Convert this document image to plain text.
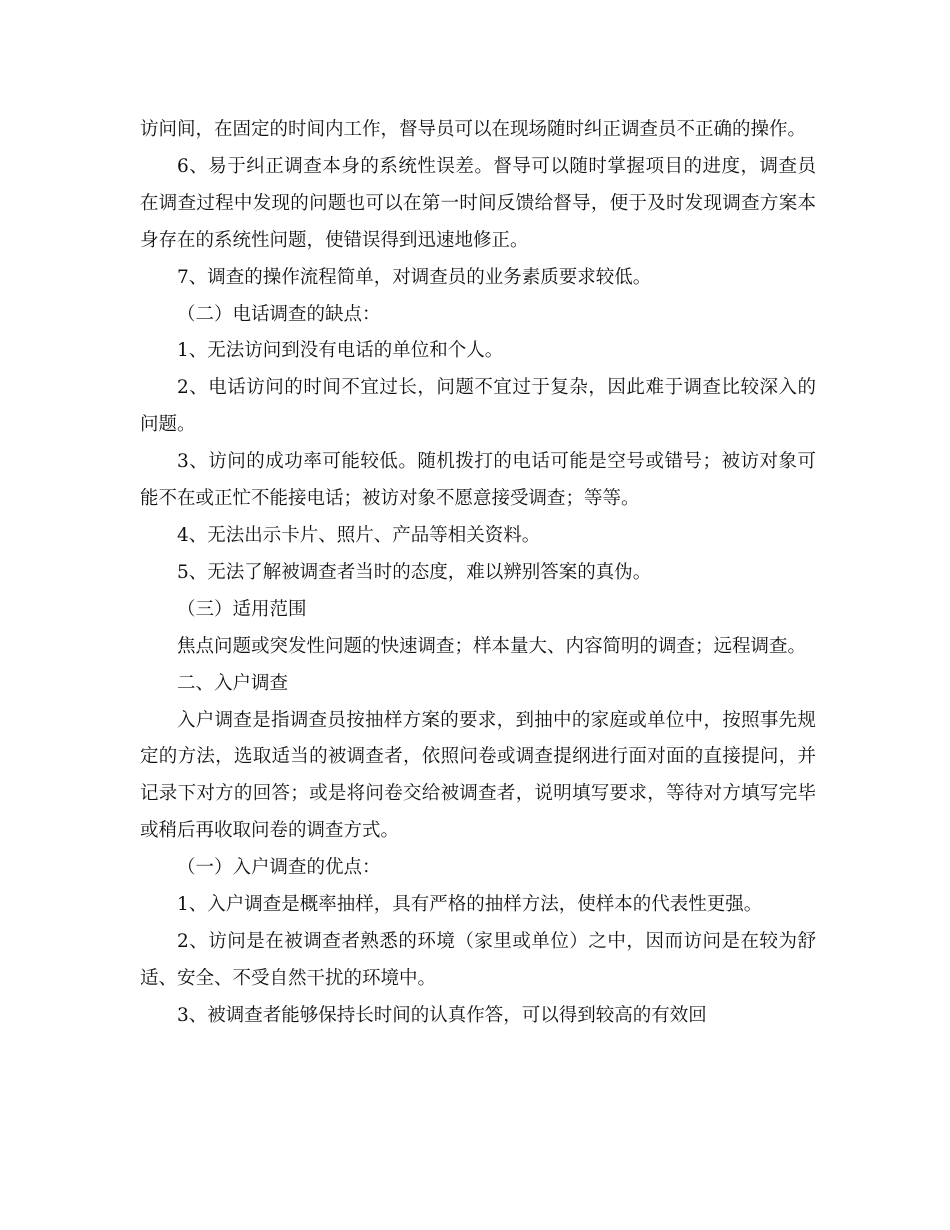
访问间，在固定的时间内工作，督导员可以在现场随时纠正调查员不正确的操作。

6、易于纠正调查本身的系统性误差。督导可以随时掌握项目的进度，调查员在调查过程中发现的问题也可以在第一时间反馈给督导，便于及时发现调查方案本身存在的系统性问题，使错误得到迅速地修正。

7、调查的操作流程简单，对调查员的业务素质要求较低。

（二）电话调查的缺点：

1、无法访问到没有电话的单位和个人。

2、电话访问的时间不宜过长，问题不宜过于复杂，因此难于调查比较深入的问题。

3、访问的成功率可能较低。随机拨打的电话可能是空号或错号；被访对象可能不在或正忙不能接电话；被访对象不愿意接受调查；等等。

4、无法出示卡片、照片、产品等相关资料。

5、无法了解被调查者当时的态度，难以辨别答案的真伪。

（三）适用范围

焦点问题或突发性问题的快速调查；样本量大、内容简明的调查；远程调查。

二、入户调查

入户调查是指调查员按抽样方案的要求，到抽中的家庭或单位中，按照事先规定的方法，选取适当的被调查者，依照问卷或调查提纲进行面对面的直接提问，并记录下对方的回答；或是将问卷交给被调查者，说明填写要求，等待对方填写完毕或稍后再收取问卷的调查方式。

（一）入户调查的优点：

1、入户调查是概率抽样，具有严格的抽样方法，使样本的代表性更强。

2、访问是在被调查者熟悉的环境（家里或单位）之中，因而访问是在较为舒适、安全、不受自然干扰的环境中。

3、被调查者能够保持长时间的认真作答，可以得到较高的有效回
